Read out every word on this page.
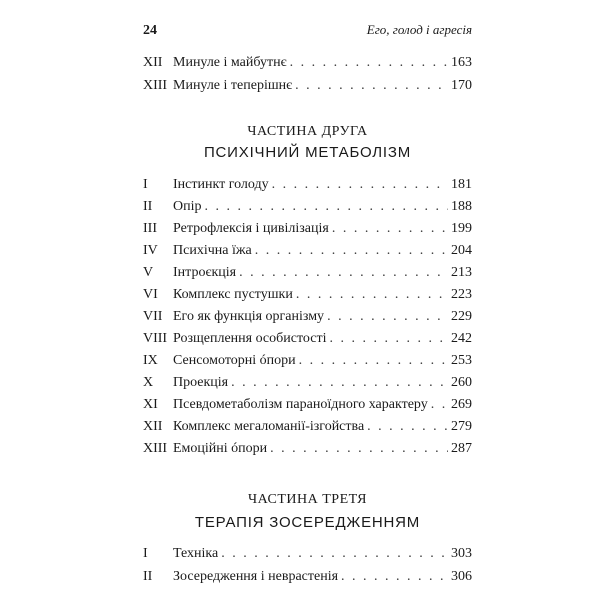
24	Его, голод і агресія
XII Минуле і майбутнє . . .	163
XIII Минуле і теперішнє . . .	170
ЧАСТИНА ДРУГА
ПСИХІЧНИЙ МЕТАБОЛІЗМ
I	Інстинкт голоду . . .	181
II	Опір . . .	188
III	Ретрофлексія і цивілізація . . .	199
IV	Психічна їжа . . .	204
V	Інтроєкція . . .	213
VI	Комплекс пустушки . . .	223
VII Его як функція організму . . .	229
VIII Розщеплення особистості . . .	242
IX	Сенсомоторні óпори . . .	253
X	Проекція . . .	260
XI	Псевдометаболізм параноїдного характеру . . . 269
XII Комплекс мегаломанії-ізгойства . . .	279
XIII Емоційні óпори . . .	287
ЧАСТИНА ТРЕТЯ
ТЕРАПІЯ ЗОСЕРЕДЖЕННЯМ
I	Техніка . . .	303
II	Зосередження і неврастенія . . .	306
